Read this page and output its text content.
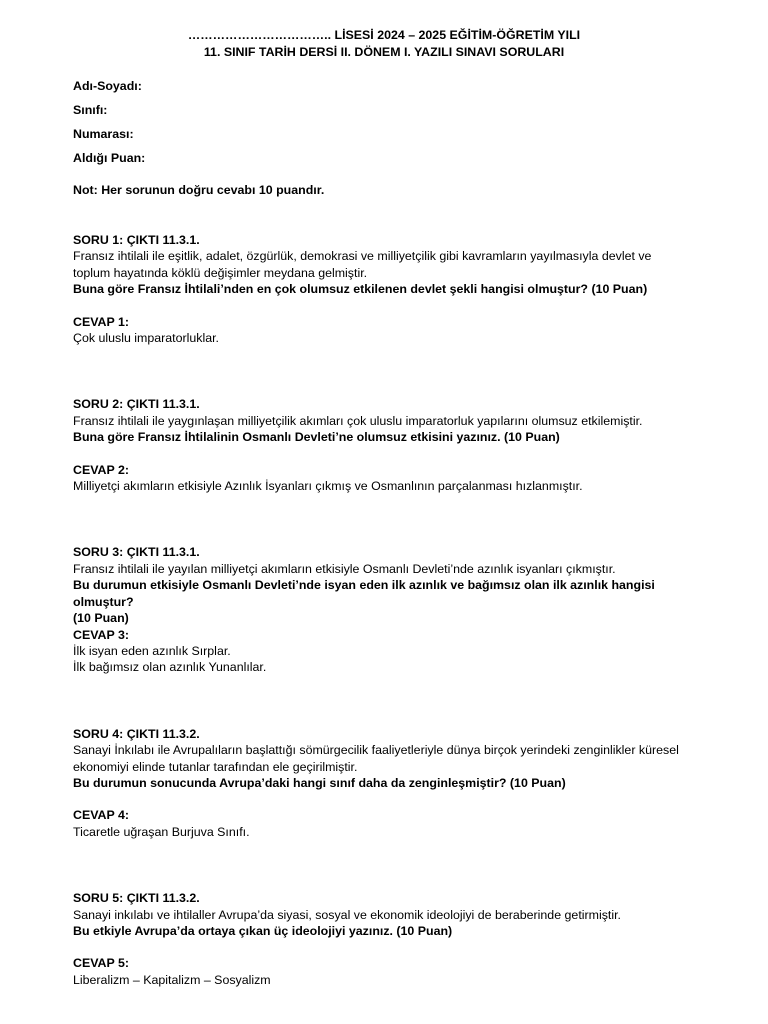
…………………………….. LİSESİ 2024 – 2025 EĞİTİM-ÖĞRETİM YILI
11. SINIF TARİH DERSİ II. DÖNEM I. YAZILI SINAVI SORULARI
Adı-Soyadı:
Sınıfı:
Numarası:
Aldığı Puan:
Not: Her sorunun doğru cevabı 10 puandır.
SORU 1: ÇIKTI 11.3.1.
Fransız ihtilali ile eşitlik, adalet, özgürlük, demokrasi ve milliyetçilik gibi kavramların yayılmasıyla devlet ve
toplum hayatında köklü değişimler meydana gelmiştir.
Buna göre Fransız İhtilali’nden en çok olumsuz etkilenen devlet şekli hangisi olmuştur? (10 Puan)
CEVAP 1:
Çok uluslu imparatorluklar.
SORU 2: ÇIKTI 11.3.1.
Fransız ihtilali ile yaygınlaşan milliyetçilik akımları çok uluslu imparatorluk yapılarını olumsuz etkilemiştir.
Buna göre Fransız İhtilalinin Osmanlı Devleti’ne olumsuz etkisini yazınız. (10 Puan)
CEVAP 2:
Milliyetçi akımların etkisiyle Azınlık İsyanları çıkmış ve Osmanlının parçalanması hızlanmıştır.
SORU 3: ÇIKTI 11.3.1.
Fransız ihtilali ile yayılan milliyetçi akımların etkisiyle Osmanlı Devleti’nde azınlık isyanları çıkmıştır.
Bu durumun etkisiyle Osmanlı Devleti’nde isyan eden ilk azınlık ve bağımsız olan ilk azınlık hangisi olmuştur?
(10 Puan)
CEVAP 3:
İlk isyan eden azınlık Sırplar.
İlk bağımsız olan azınlık Yunanlılar.
SORU 4: ÇIKTI 11.3.2.
Sanayi İnkılabı ile Avrupalıların başlattığı sömürgecilik faaliyetleriyle dünya birçok yerindeki zenginlikler küresel
ekonomiyi elinde tutanlar tarafından ele geçirilmiştir.
Bu durumun sonucunda Avrupa’daki hangi sınıf daha da zenginleşmiştir? (10 Puan)
CEVAP 4:
Ticaretle uğraşan Burjuva Sınıfı.
SORU 5: ÇIKTI 11.3.2.
Sanayi inkılabı ve ihtilaller Avrupa’da siyasi, sosyal ve ekonomik ideolojiyi de beraberinde getirmiştir.
Bu etkiyle Avrupa’da ortaya çıkan üç ideolojiyi yazınız. (10 Puan)
CEVAP 5:
Liberalizm – Kapitalizm – Sosyalizm
